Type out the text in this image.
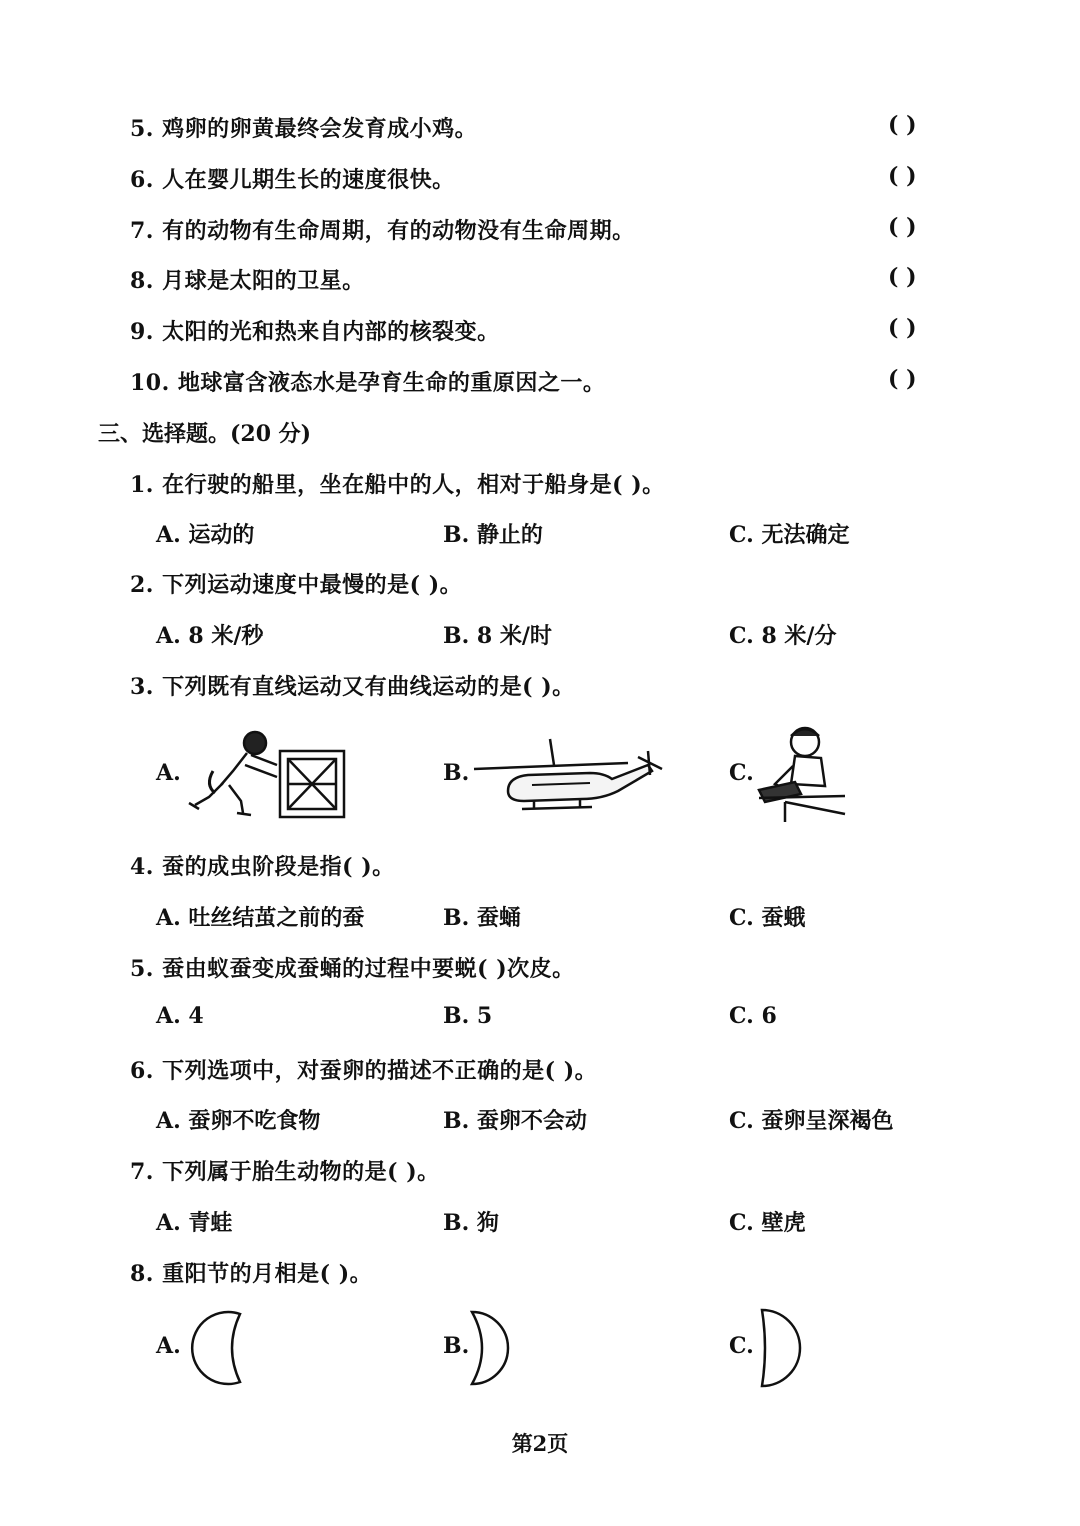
5. 鸡卵的卵黄最终会发育成小鸡。	( )
6. 人在婴儿期生长的速度很快。	( )
7. 有的动物有生命周期，有的动物没有生命周期。	( )
8. 月球是太阳的卫星。	( )
9. 太阳的光和热来自内部的核裂变。	( )
10. 地球富含液态水是孕育生命的重原因之一。	( )
三、选择题。(20 分)
1. 在行驶的船里，坐在船中的人，相对于船身是( )。
A. 运动的	B. 静止的	C. 无法确定
2. 下列运动速度中最慢的是( )。
A. 8 米/秒	B. 8 米/时	C. 8 米/分
3. 下列既有直线运动又有曲线运动的是( )。
A.	B.	C.
4. 蚕的成虫阶段是指( )。
A. 吐丝结茧之前的蚕	B. 蚕蛹	C. 蚕蛾
5. 蚕由蚁蚕变成蚕蛹的过程中要蜕( )次皮。
A. 4	B. 5	C. 6
6. 下列选项中，对蚕卵的描述不正确的是( )。
A. 蚕卵不吃食物	B. 蚕卵不会动	C. 蚕卵呈深褐色
7. 下列属于胎生动物的是( )。
A. 青蛙	B. 狗	C. 壁虎
8. 重阳节的月相是( )。
A.	B.	C.
第2页
